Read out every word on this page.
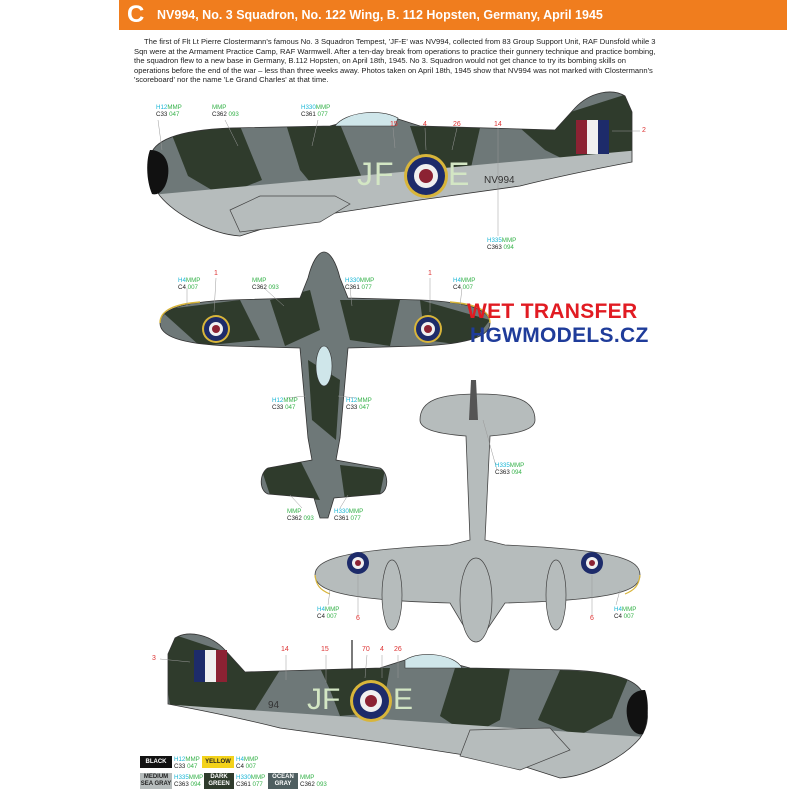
C NV994, No. 3 Squadron, No. 122 Wing, B. 112 Hopsten, Germany, April 1945

The first of Flt Lt Pierre Clostermann's famous No. 3 Squadron Tempest, 'JF-E' was NV994, collected from 83 Group Support Unit, RAF Dunsfold while 3 Sqn were at the Armament Practice Camp, RAF Warmwell. After a ten-day break from operations to practice their gunnery technique and practice bombing, the squadron flew to a new base in Germany, B.112 Hopsten, on April 18th, 1945. No 3. Squadron would not get chance to try its bombing skills on operations before the end of the war – less than three weeks away. Photos taken on April 18th, 1945 show that NV994 was not marked with Clostermann's 'scoreboard' nor the name 'Le Grand Charles' at that time.

JF E NV994
JF E
94
WET TRANSFER
HGWMODELS.CZ
H12MMP
C33 047
MMP
C362 093
H330MMP
C361 077
H335MMP
C363 094
H4MMP
C4 007
MMP
C362 093
H330MMP
C361 077
H4MMP
C4 007
H12MMP
C33 047
H12MMP
C33 047
MMP
C362 093
H330MMP
C361 077
H335MMP
C363 094
H4MMP
C4 007
H4MMP
C4 007
15	4	26	14
2
1	1
6	6
3
14	15	70 4 26
BLACK	H12MMP
C33 047
YELLOW H4MMP
C4 007
MEDIUM SEA GRAY
H335MMP
C363 094
DARK GREEN
H330MMP
C361 077
OCEAN GRAY
MMP
C362 093
